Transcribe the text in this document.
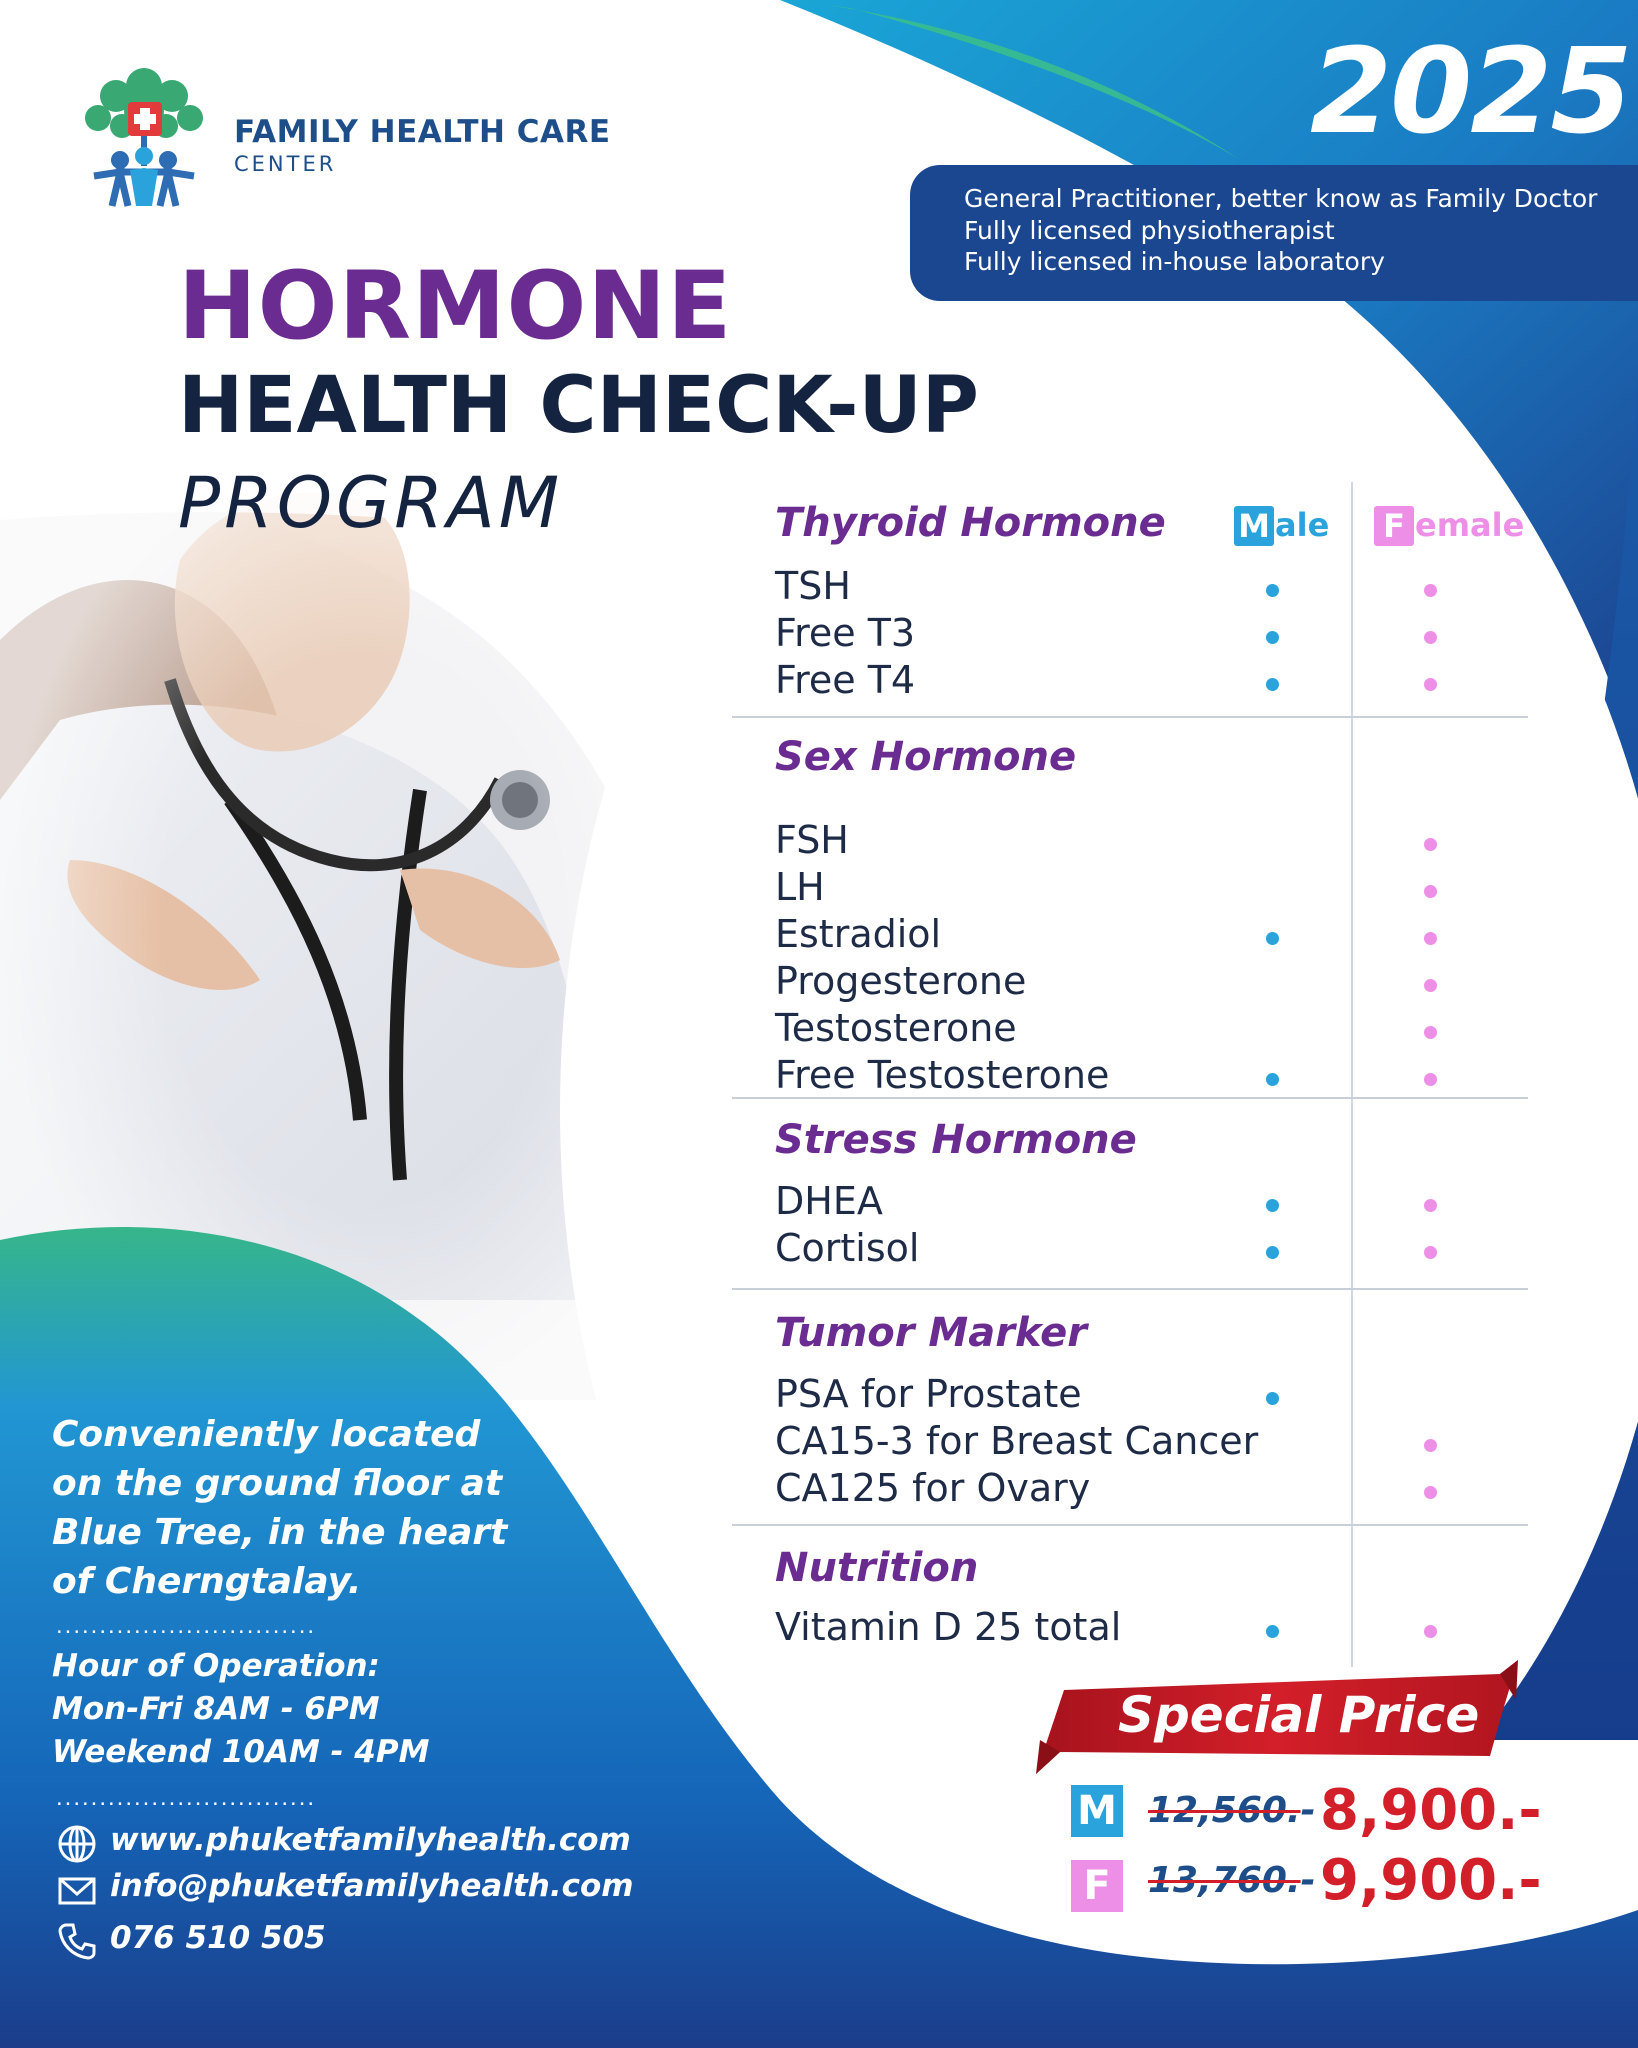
FAMILY HEALTH CARE
CENTER
2025
General Practitioner, better know as Family Doctor
Fully licensed physiotherapist
Fully licensed in-house laboratory
HORMONE
HEALTH CHECK-UP
PROGRAM	M ale F emale
Thyroid Hormone
TSH
Free T3
Free T4
Sex Hormone
FSH
LH
Estradiol
Progesterone
Testosterone
Free Testosterone
Stress Hormone
DHEA
Cortisol
Tumor Marker
PSA for Prostate
CA15-3 for Breast Cancer
CA125 for Ovary
Nutrition
Vitamin D 25 total
Conveniently located
on the ground floor at
Blue Tree, in the heart
of Cherngtalay.
..............................
Hour of Operation:
Mon-Fri 8AM - 6PM
Weekend 10AM - 4PM
..............................
www.phuketfamilyhealth.com
info@phuketfamilyhealth.com
076 510 505
Special Price
M 12,560.- 8,900.-
F	13,760.- 9,900.-
